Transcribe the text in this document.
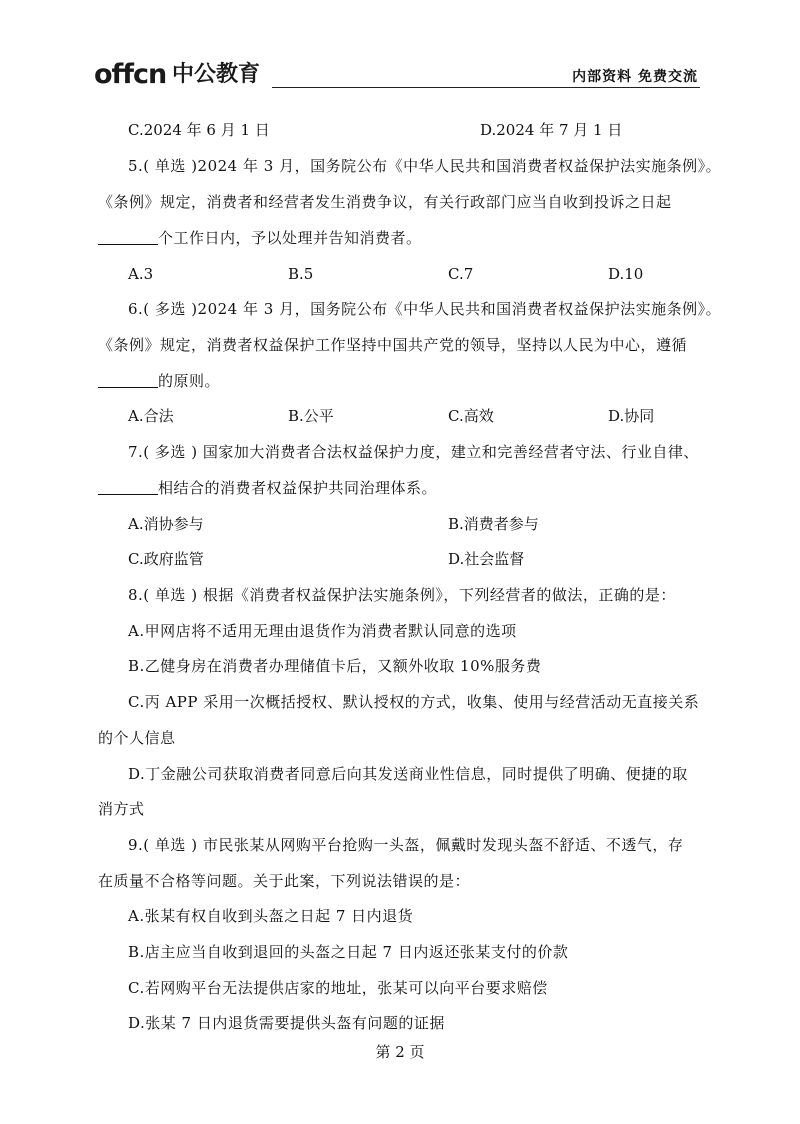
offcn 中公教育	内部资料 免费交流
C.2024 年 6 月 1 日	D.2024 年 7 月 1 日
5.( 单选 )2024 年 3 月，国务院公布《中华人民共和国消费者权益保护法实施条例》。
《条例》规定，消费者和经营者发生消费争议，有关行政部门应当自收到投诉之日起
个工作日内，予以处理并告知消费者。
A.3	B.5	C.7	D.10
6.( 多选 )2024 年 3 月，国务院公布《中华人民共和国消费者权益保护法实施条例》。
《条例》规定，消费者权益保护工作坚持中国共产党的领导，坚持以人民为中心，遵循
的原则。
A.合法	B.公平	C.高效	D.协同
7.( 多选 ) 国家加大消费者合法权益保护力度，建立和完善经营者守法、行业自律、
相结合的消费者权益保护共同治理体系。
A.消协参与	B.消费者参与
C.政府监管	D.社会监督
8.( 单选 ) 根据《消费者权益保护法实施条例》，下列经营者的做法，正确的是：
A.甲网店将不适用无理由退货作为消费者默认同意的选项
B.乙健身房在消费者办理储值卡后，又额外收取 10%服务费
C.丙 APP 采用一次概括授权、默认授权的方式，收集、使用与经营活动无直接关系
的个人信息
D.丁金融公司获取消费者同意后向其发送商业性信息，同时提供了明确、便捷的取
消方式
9.( 单选 ) 市民张某从网购平台抢购一头盔，佩戴时发现头盔不舒适、不透气，存
在质量不合格等问题。关于此案，下列说法错误的是：
A.张某有权自收到头盔之日起 7 日内退货
B.店主应当自收到退回的头盔之日起 7 日内返还张某支付的价款
C.若网购平台无法提供店家的地址，张某可以向平台要求赔偿
D.张某 7 日内退货需要提供头盔有问题的证据
第 2 页
